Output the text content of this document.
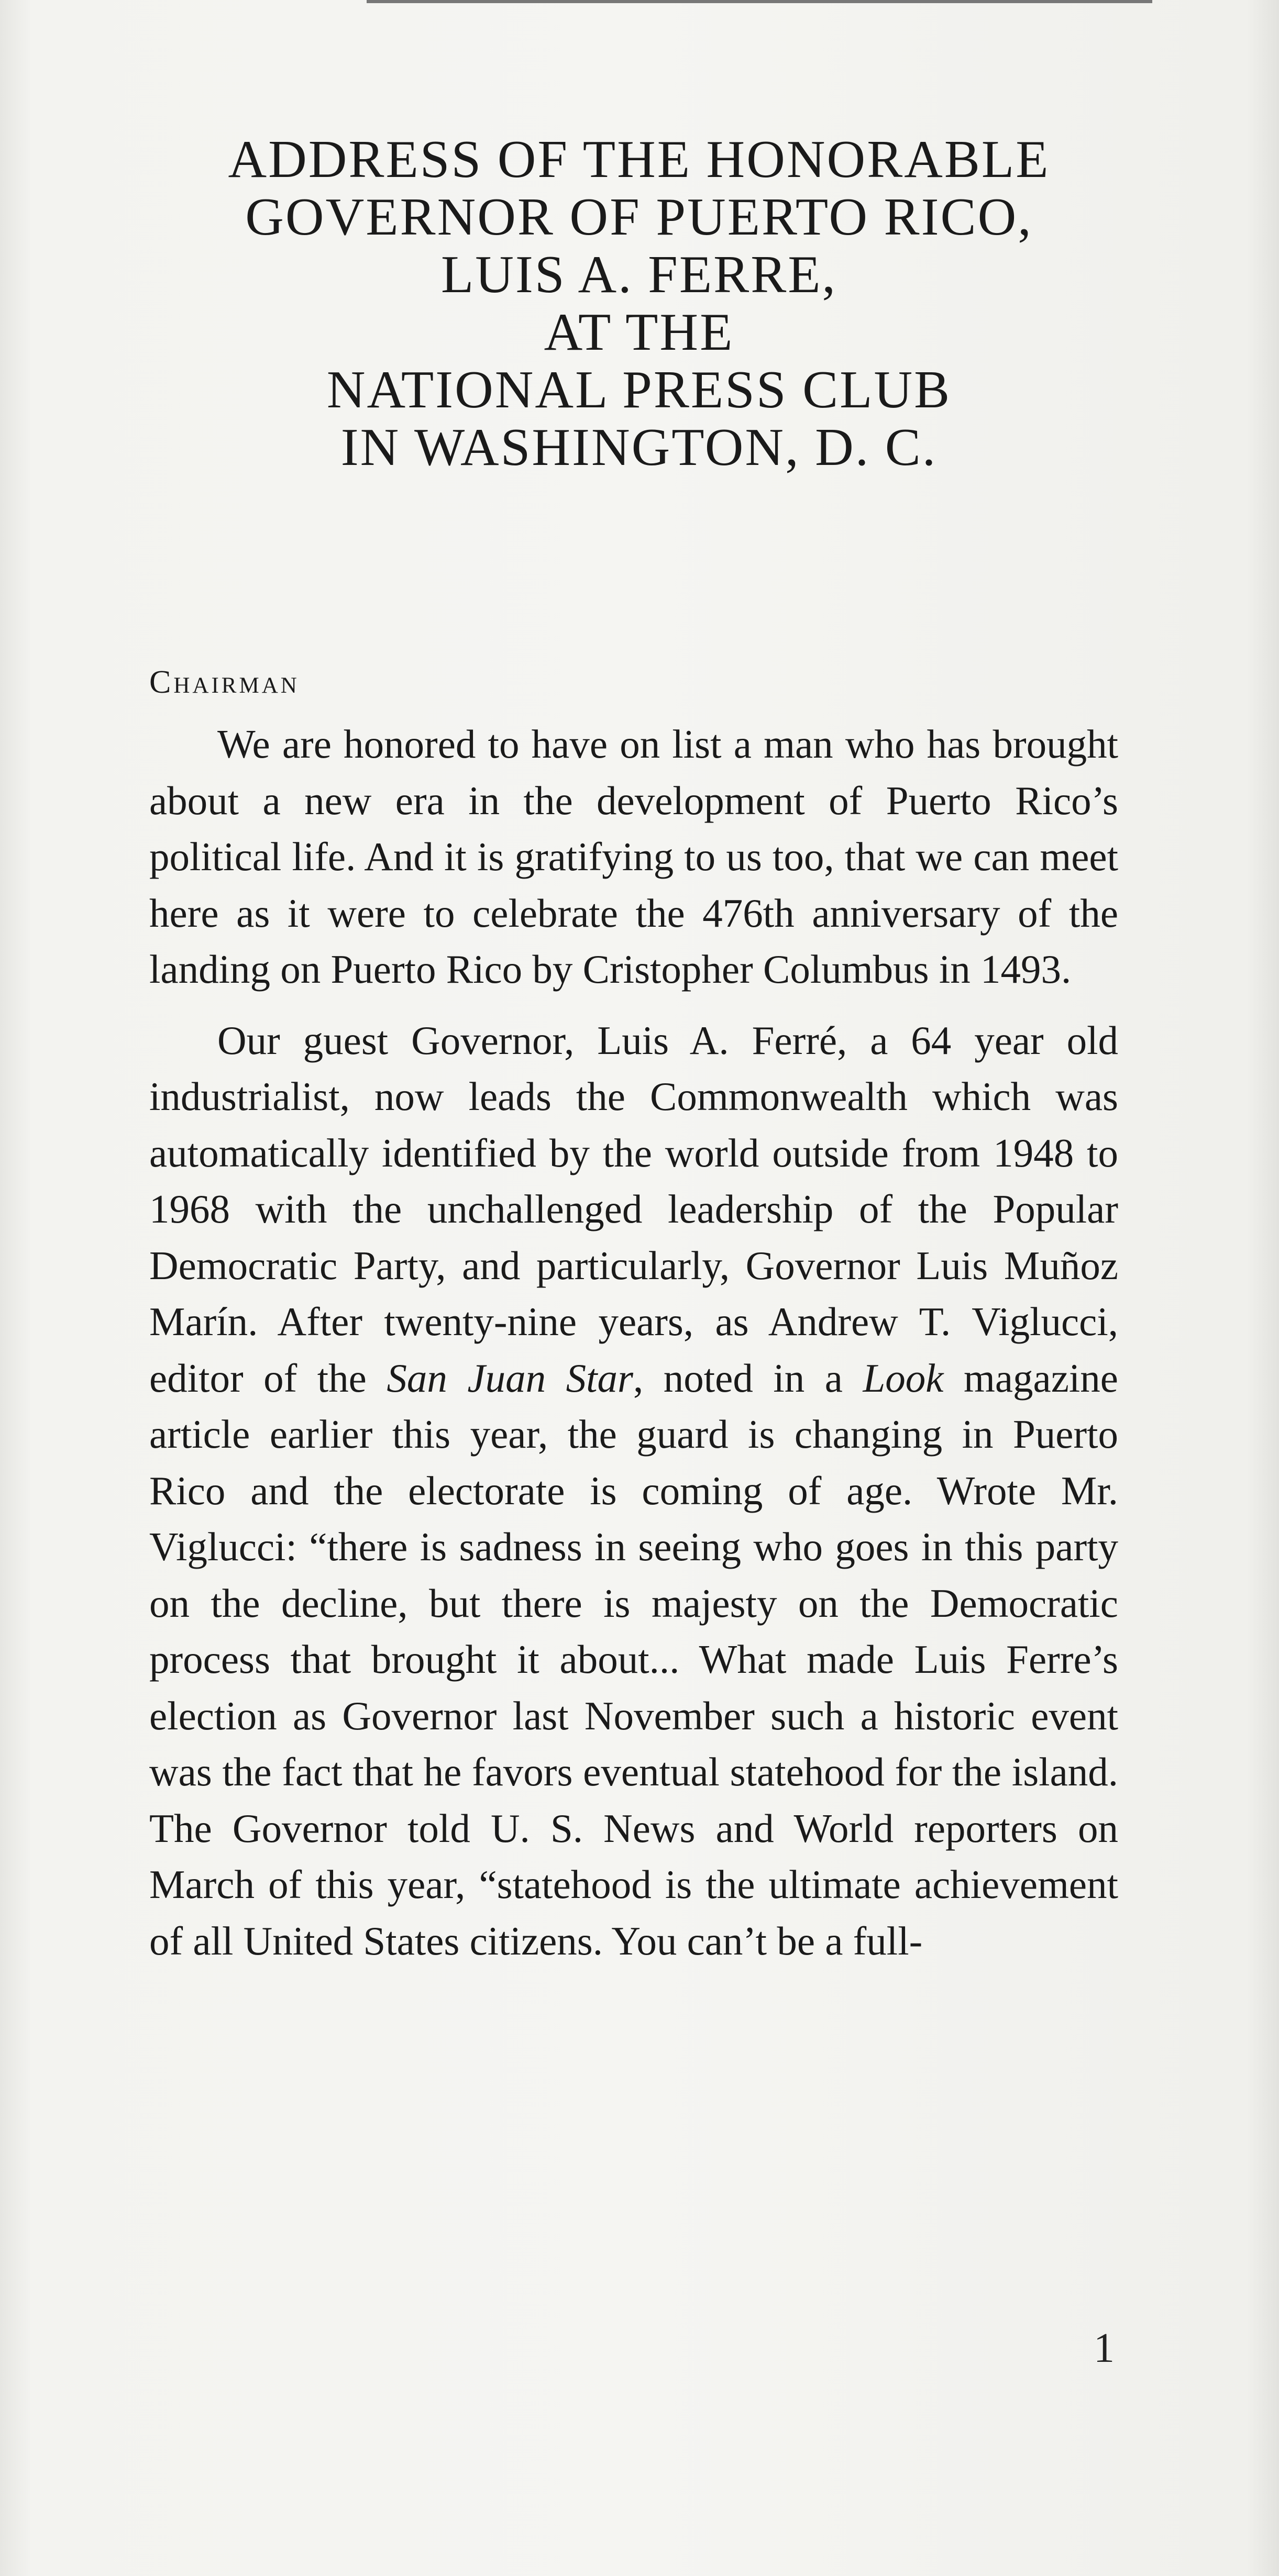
ADDRESS OF THE HONORABLE
GOVERNOR OF PUERTO RICO,
LUIS A. FERRE,
AT THE
NATIONAL PRESS CLUB
IN WASHINGTON, D. C.
Chairman

We are honored to have on list a man who has brought about a new era in the development of Puerto Rico’s political life. And it is gratifying to us too, that we can meet here as it were to celebrate the 476th anniversary of the landing on Puerto Rico by Cristopher Columbus in 1493.

Our guest Governor, Luis A. Ferré, a 64 year old industrialist, now leads the Commonwealth which was automatically identified by the world outside from 1948 to 1968 with the unchallenged leadership of the Popular Democratic Party, and particularly, Governor Luis Muñoz Marín. After twenty-nine years, as Andrew T. Viglucci, editor of the San Juan Star, noted in a Look magazine article earlier this year, the guard is changing in Puerto Rico and the electorate is coming of age. Wrote Mr. Viglucci: “there is sadness in seeing who goes in this party on the decline, but there is majesty on the Democratic process that brought it about... What made Luis Ferre’s election as Governor last November such a historic event was the fact that he favors eventual statehood for the island. The Governor told U. S. News and World reporters on March of this year, “statehood is the ultimate achievement of all United States citizens. You can’t be a full-

1
